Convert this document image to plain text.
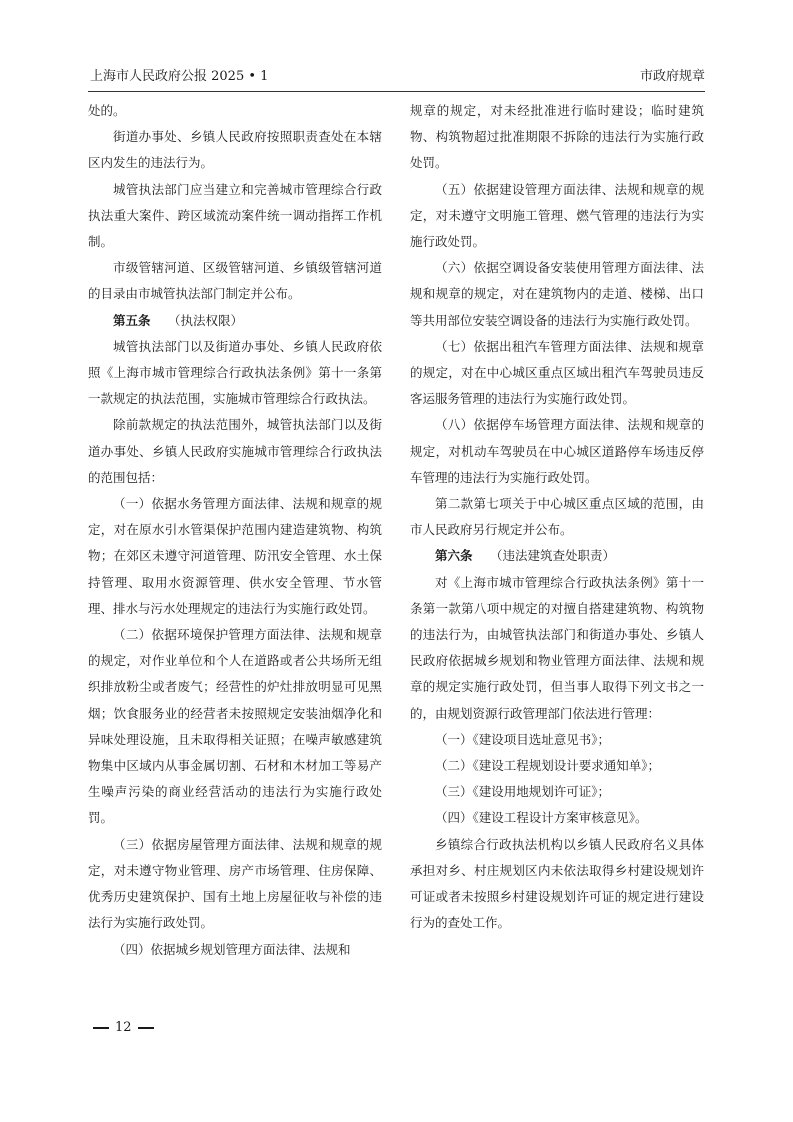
上海市人民政府公报 2025 • 1	市政府规章

处的。

街道办事处、乡镇人民政府按照职责查处在本辖区内发生的违法行为。

城管执法部门应当建立和完善城市管理综合行政执法重大案件、跨区域流动案件统一调动指挥工作机制。

市级管辖河道、区级管辖河道、乡镇级管辖河道的目录由市城管执法部门制定并公布。

第五条 （执法权限）

城管执法部门以及街道办事处、乡镇人民政府依照《上海市城市管理综合行政执法条例》第十一条第一款规定的执法范围，实施城市管理综合行政执法。

除前款规定的执法范围外，城管执法部门以及街道办事处、乡镇人民政府实施城市管理综合行政执法的范围包括：

（一）依据水务管理方面法律、法规和规章的规定，对在原水引水管渠保护范围内建造建筑物、构筑物；在郊区未遵守河道管理、防汛安全管理、水土保持管理、取用水资源管理、供水安全管理、节水管理、排水与污水处理规定的违法行为实施行政处罚。

（二）依据环境保护管理方面法律、法规和规章的规定，对作业单位和个人在道路或者公共场所无组织排放粉尘或者废气；经营性的炉灶排放明显可见黑烟；饮食服务业的经营者未按照规定安装油烟净化和异味处理设施，且未取得相关证照；在噪声敏感建筑物集中区域内从事金属切割、石材和木材加工等易产生噪声污染的商业经营活动的违法行为实施行政处罚。

（三）依据房屋管理方面法律、法规和规章的规定，对未遵守物业管理、房产市场管理、住房保障、优秀历史建筑保护、国有土地上房屋征收与补偿的违法行为实施行政处罚。

（四）依据城乡规划管理方面法律、法规和

规章的规定，对未经批准进行临时建设；临时建筑物、构筑物超过批准期限不拆除的违法行为实施行政处罚。

（五）依据建设管理方面法律、法规和规章的规定，对未遵守文明施工管理、燃气管理的违法行为实施行政处罚。

（六）依据空调设备安装使用管理方面法律、法规和规章的规定，对在建筑物内的走道、楼梯、出口等共用部位安装空调设备的违法行为实施行政处罚。

（七）依据出租汽车管理方面法律、法规和规章的规定，对在中心城区重点区域出租汽车驾驶员违反客运服务管理的违法行为实施行政处罚。

（八）依据停车场管理方面法律、法规和规章的规定，对机动车驾驶员在中心城区道路停车场违反停车管理的违法行为实施行政处罚。

第二款第七项关于中心城区重点区域的范围，由市人民政府另行规定并公布。

第六条 （违法建筑查处职责）

对《上海市城市管理综合行政执法条例》第十一条第一款第八项中规定的对擅自搭建建筑物、构筑物的违法行为，由城管执法部门和街道办事处、乡镇人民政府依据城乡规划和物业管理方面法律、法规和规章的规定实施行政处罚，但当事人取得下列文书之一的，由规划资源行政管理部门依法进行管理：

（一）《建设项目选址意见书》；

（二）《建设工程规划设计要求通知单》；

（三）《建设用地规划许可证》；

（四）《建设工程设计方案审核意见》。

乡镇综合行政执法机构以乡镇人民政府名义具体承担对乡、村庄规划区内未依法取得乡村建设规划许可证或者未按照乡村建设规划许可证的规定进行建设行为的查处工作。

12
